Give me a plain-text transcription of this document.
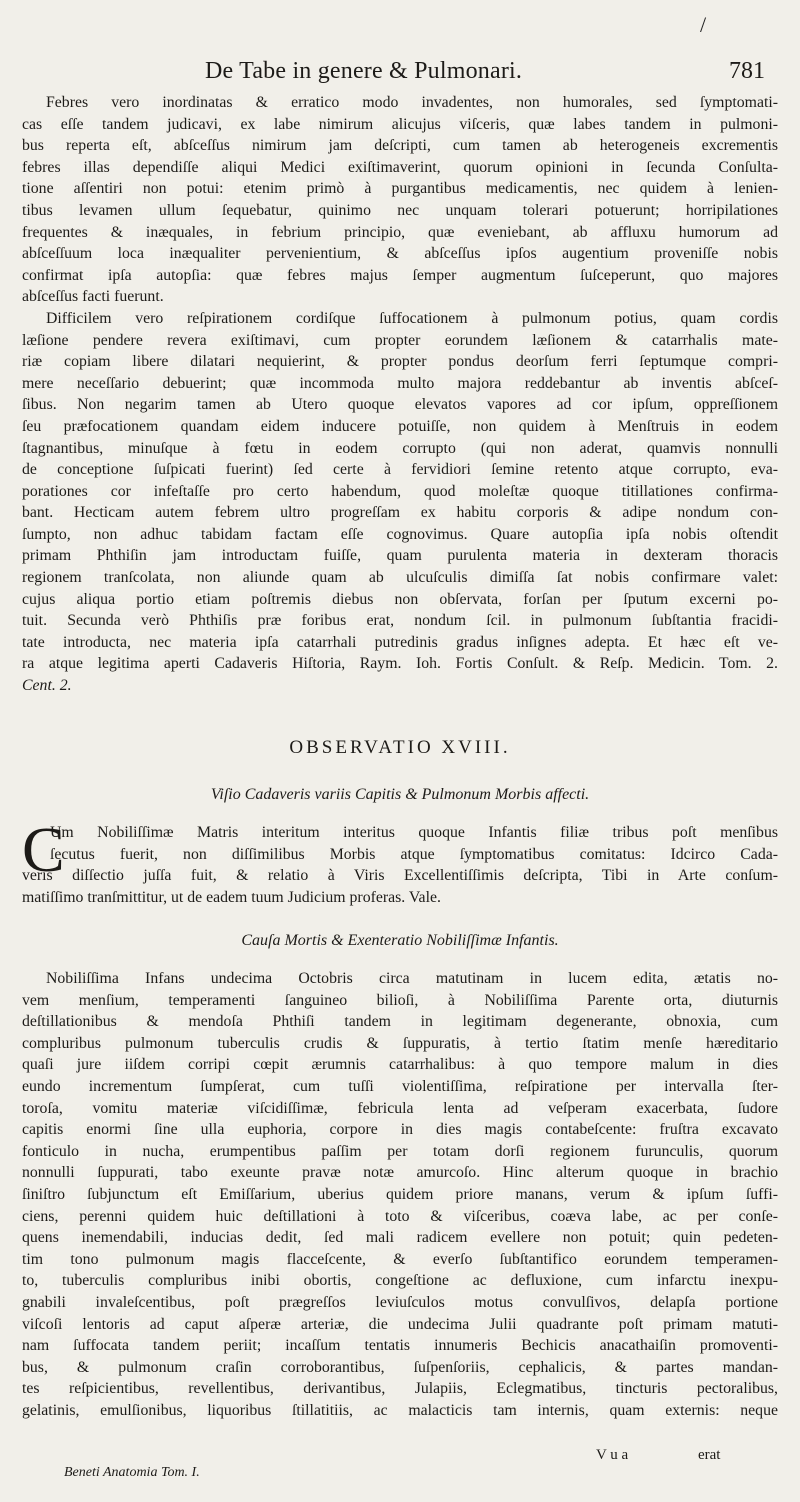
/
De Tabe in genere & Pulmonari.	781
Febres vero inordinatas & erratico modo invadentes, non humorales, sed ſymptomati-
cas eſſe tandem judicavi, ex labe nimirum alicujus viſceris, quæ labes tandem in pulmoni-
bus reperta eſt, abſceſſus nimirum jam deſcripti, cum tamen ab heterogeneis excrementis
febres illas dependiſſe aliqui Medici exiſtimaverint, quorum opinioni in ſecunda Conſulta-
tione aſſentiri non potui: etenim primò à purgantibus medicamentis, nec quidem à lenien-
tibus levamen ullum ſequebatur, quinimo nec unquam tolerari potuerunt; horripilationes
frequentes & inæquales, in febrium principio, quæ eveniebant, ab affluxu humorum ad
abſceſſuum loca inæqualiter pervenientium, & abſceſſus ipſos augentium proveniſſe nobis
confirmat ipſa autopſia: quæ febres majus ſemper augmentum ſuſceperunt, quo majores
abſceſſus facti fuerunt.
Difficilem vero reſpirationem cordiſque ſuffocationem à pulmonum potius, quam cordis
læſione pendere revera exiſtimavi, cum propter eorundem læſionem & catarrhalis mate-
riæ copiam libere dilatari nequierint, & propter pondus deorſum ferri ſeptumque compri-
mere neceſſario debuerint; quæ incommoda multo majora reddebantur ab inventis abſceſ-
ſibus. Non negarim tamen ab Utero quoque elevatos vapores ad cor ipſum, oppreſſionem
ſeu præfocationem quandam eidem inducere potuiſſe, non quidem à Menſtruis in eodem
ſtagnantibus, minuſque à fœtu in eodem corrupto (qui non aderat, quamvis nonnulli
de conceptione ſuſpicati fuerint) ſed certe à fervidiori ſemine retento atque corrupto, eva-
porationes cor infeſtaſſe pro certo habendum, quod moleſtæ quoque titillationes confirma-
bant. Hecticam autem febrem ultro progreſſam ex habitu corporis & adipe nondum con-
ſumpto, non adhuc tabidam factam eſſe cognovimus. Quare autopſia ipſa nobis oſtendit
primam Phthiſin jam introductam fuiſſe, quam purulenta materia in dexteram thoracis
regionem tranſcolata, non aliunde quam ab ulcuſculis dimiſſa ſat nobis confirmare valet:
cujus aliqua portio etiam poſtremis diebus non obſervata, forſan per ſputum excerni po-
tuit. Secunda verò Phthiſis præ foribus erat, nondum ſcil. in pulmonum ſubſtantia fracidi-
tate introducta, nec materia ipſa catarrhali putredinis gradus inſignes adepta. Et hæc eſt ve-
ra atque legitima aperti Cadaveris Hiſtoria, Raym. Ioh. Fortis Conſult. & Reſp. Medicin. Tom. 2.
Cent. 2.
OBSERVATIO XVIII.
Viſio Cadaveris variis Capitis & Pulmonum Morbis affecti.
C
Um Nobiliſſimæ Matris interitum interitus quoque Infantis filiæ tribus poſt menſibus
ſecutus fuerit, non diſſimilibus Morbis atque ſymptomatibus comitatus: Idcirco Cada-
veris diſſectio juſſa fuit, & relatio à Viris Excellentiſſimis deſcripta, Tibi in Arte conſum-
matiſſimo tranſmittitur, ut de eadem tuum Judicium proferas. Vale.
Cauſa Mortis & Exenteratio Nobiliſſimæ Infantis.
Nobiliſſima Infans undecima Octobris circa matutinam in lucem edita, ætatis no-
vem menſium, temperamenti ſanguineo bilioſi, à Nobiliſſima Parente orta, diuturnis
deſtillationibus & mendoſa Phthiſi tandem in legitimam degenerante, obnoxia, cum
compluribus pulmonum tuberculis crudis & ſuppuratis, à tertio ſtatim menſe hæreditario
quaſi jure iiſdem corripi cœpit ærumnis catarrhalibus: à quo tempore malum in dies
eundo incrementum ſumpſerat, cum tuſſi violentiſſima, reſpiratione per intervalla ſter-
toroſa, vomitu materiæ viſcidiſſimæ, febricula lenta ad veſperam exacerbata, ſudore
capitis enormi ſine ulla euphoria, corpore in dies magis contabeſcente: fruſtra excavato
fonticulo in nucha, erumpentibus paſſim per totam dorſi regionem furunculis, quorum
nonnulli ſuppurati, tabo exeunte pravæ notæ amurcoſo. Hinc alterum quoque in brachio
ſiniſtro ſubjunctum eſt Emiſſarium, uberius quidem priore manans, verum & ipſum ſuffi-
ciens, perenni quidem huic deſtillationi à toto & viſceribus, coæva labe, ac per conſe-
quens inemendabili, inducias dedit, ſed mali radicem evellere non potuit; quin pedeten-
tim tono pulmonum magis flacceſcente, & everſo ſubſtantifico eorundem temperamen-
to, tuberculis compluribus inibi obortis, congeſtione ac defluxione, cum infarctu inexpu-
gnabili invaleſcentibus, poſt prægreſſos leviuſculos motus convulſivos, delapſa portione
viſcoſi lentoris ad caput aſperæ arteriæ, die undecima Julii quadrante poſt primam matuti-
nam ſuffocata tandem periit; incaſſum tentatis innumeris Bechicis anacathaiſin promoventi-
bus, & pulmonum craſin corroborantibus, ſuſpenſoriis, cephalicis, & partes mandan-
tes reſpicientibus, revellentibus, derivantibus, Julapiis, Eclegmatibus, tincturis pectoralibus,
gelatinis, emulſionibus, liquoribus ſtillatitiis, ac malacticis tam internis, quam externis: neque
V u a	erat
Beneti Anatomia Tom. I.
